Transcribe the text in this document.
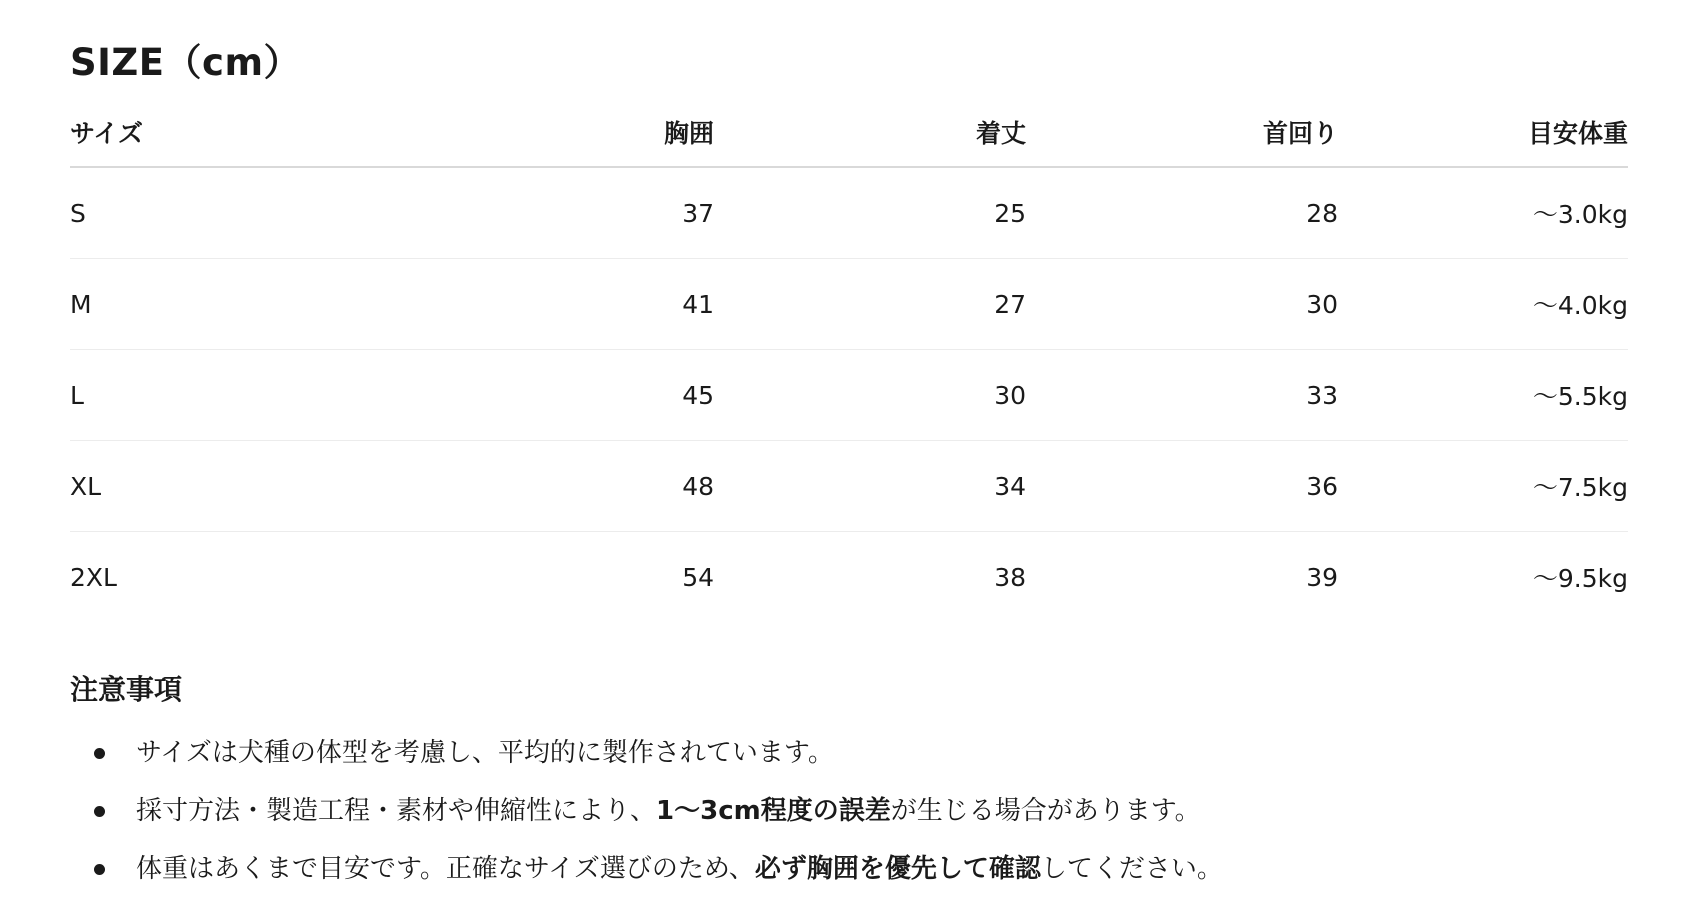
SIZE（cm）
サイズ	胸囲	着丈	首回り	目安体重
S	37	25	28	～3.0kg
M	41	27	30	～4.0kg
L	45	30	33	～5.5kg
XL	48	34	36	～7.5kg
2XL	54	38	39	～9.5kg
注意事項
サイズは犬種の体型を考慮し、平均的に製作されています。
採寸方法・製造工程・素材や伸縮性により、1～3cm程度の誤差が生じる場合があります。
体重はあくまで目安です。正確なサイズ選びのため、必ず胸囲を優先して確認してください。
